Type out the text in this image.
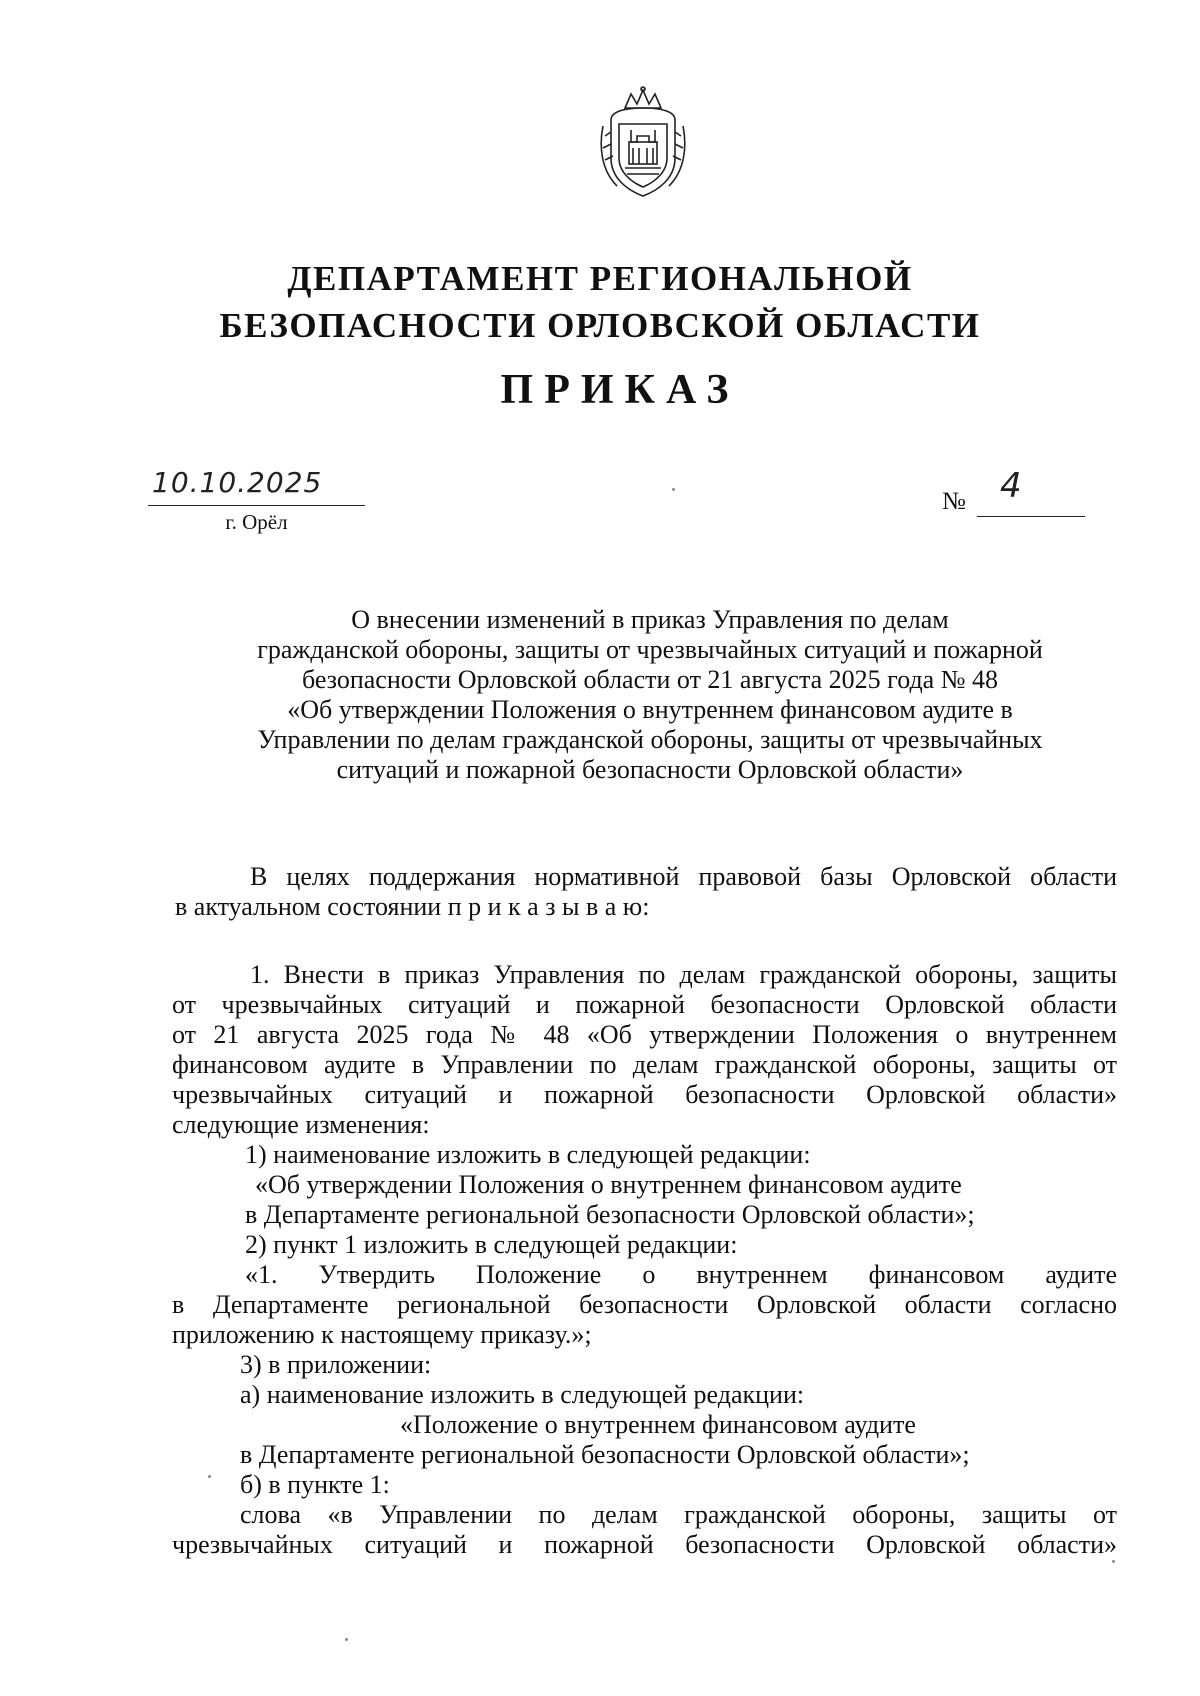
ДЕПАРТАМЕНТ РЕГИОНАЛЬНОЙ
БЕЗОПАСНОСТИ ОРЛОВСКОЙ ОБЛАСТИ
ПРИКАЗ
10.10.2025
г. Орёл
№ 4
О внесении изменений в приказ Управления по делам
гражданской обороны, защиты от чрезвычайных ситуаций и пожарной
безопасности Орловской области от 21 августа 2025 года № 48
«Об утверждении Положения о внутреннем финансовом аудите в
Управлении по делам гражданской обороны, защиты от чрезвычайных
ситуаций и пожарной безопасности Орловской области»
В целях поддержания нормативной правовой базы Орловской области
в актуальном состоянии п р и к а з ы в а ю:
1. Внести в приказ Управления по делам гражданской обороны, защиты
от чрезвычайных ситуаций и пожарной безопасности Орловской области
от 21 августа 2025 года № 48 «Об утверждении Положения о внутреннем
финансовом аудите в Управлении по делам гражданской обороны, защиты от
чрезвычайных ситуаций и пожарной безопасности Орловской области»
следующие изменения:
1) наименование изложить в следующей редакции:
«Об утверждении Положения о внутреннем финансовом аудите
в Департаменте региональной безопасности Орловской области»;
2) пункт 1 изложить в следующей редакции:
«1. Утвердить Положение о внутреннем финансовом аудите
в Департаменте региональной безопасности Орловской области согласно
приложению к настоящему приказу.»;
3) в приложении:
а) наименование изложить в следующей редакции:
«Положение о внутреннем финансовом аудите
в Департаменте региональной безопасности Орловской области»;
б) в пункте 1:
слова «в Управлении по делам гражданской обороны, защиты от
чрезвычайных ситуаций и пожарной безопасности Орловской области»
